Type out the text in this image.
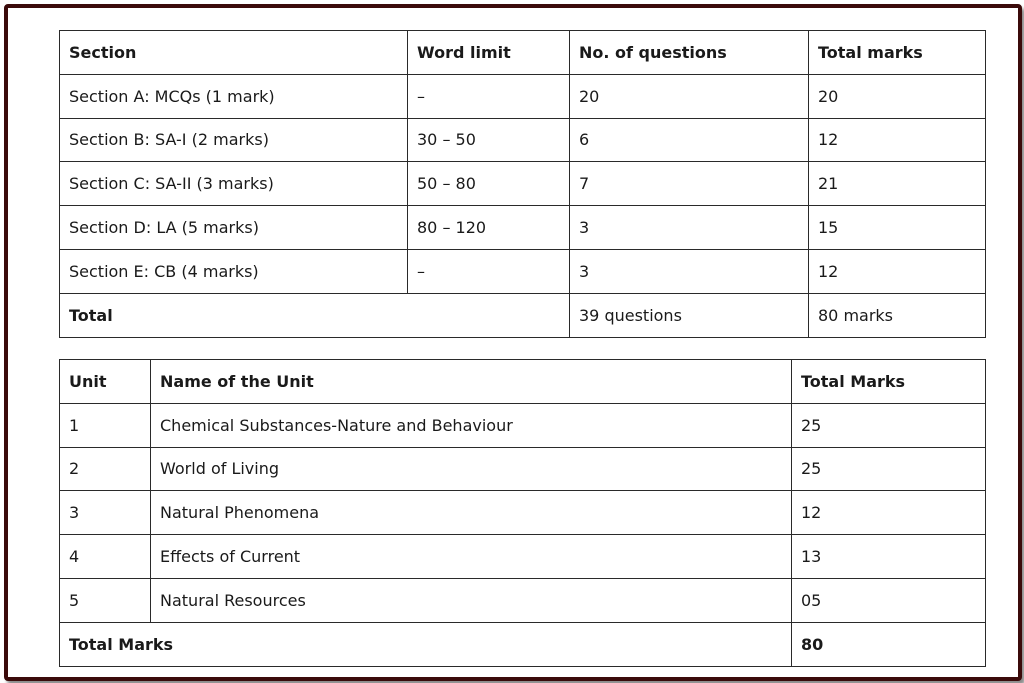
Section	Word limit	No. of questions	Total marks
Section A: MCQs (1 mark)	–	20	20
Section B: SA-I (2 marks)	30 – 50	6	12
Section C: SA-II (3 marks)	50 – 80	7	21
Section D: LA (5 marks)	80 – 120	3	15
Section E: CB (4 marks)	–	3	12
Total		39 questions	80 marks
Unit	Name of the Unit	Total Marks
1	Chemical Substances-Nature and Behaviour	25
2	World of Living	25
3	Natural Phenomena	12
4	Effects of Current	13
5	Natural Resources	05
Total Marks		80
